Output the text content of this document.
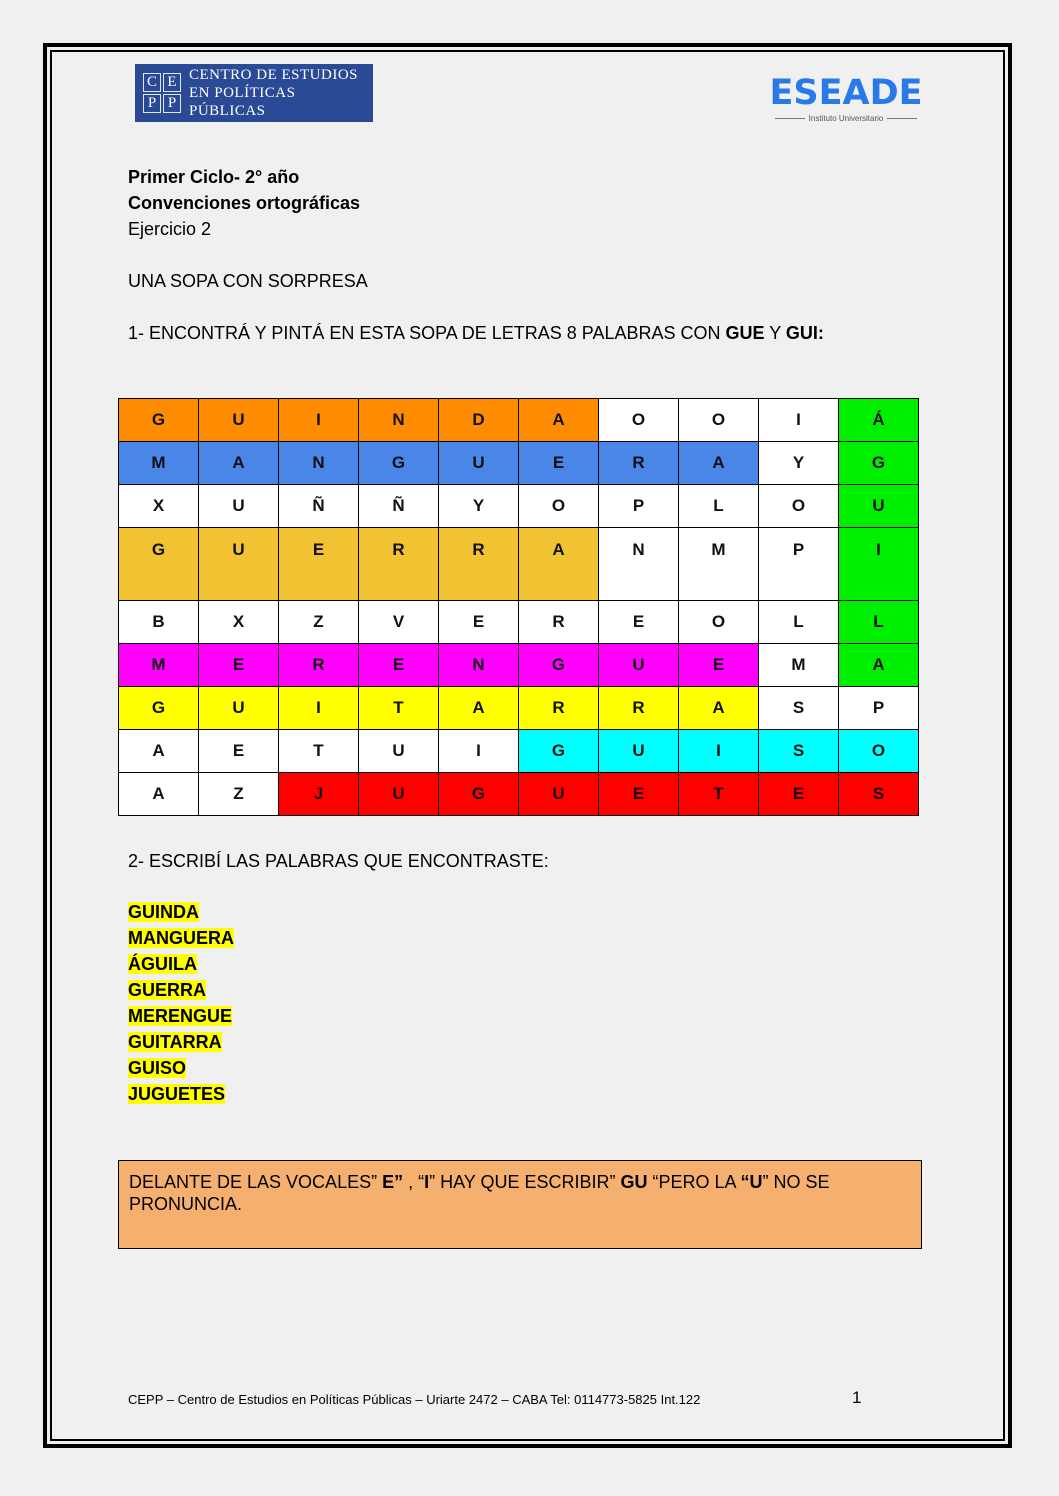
C E
P P
CENTRO DE ESTUDIOS
EN POLÍTICAS PÚBLICAS	ESEADE
Instituto Universitario
Primer Ciclo- 2° año
Convenciones ortográficas
Ejercicio 2
UNA SOPA CON SORPRESA
1- ENCONTRÁ Y PINTÁ EN ESTA SOPA DE LETRAS 8 PALABRAS CON GUE Y GUI:
G	U	I	N	D	A	O	O	I	Á
M	A	N	G	U	E	R	A	Y	G
X	U	Ñ	Ñ	Y	O	P	L	O	U
G	U	E	R	R	A	N	M	P	I
B	X	Z	V	E	R	E	O	L	L
M	E	R	E	N	G	U	E	M	A
G	U	I	T	A	R	R	A	S	P
A	E	T	U	I	G	U	I	S	O
A	Z	J	U	G	U	E	T	E	S
2- ESCRIBÍ LAS PALABRAS QUE ENCONTRASTE:
GUINDA
MANGUERA
ÁGUILA
GUERRA
MERENGUE
GUITARRA
GUISO
JUGUETES
DELANTE DE LAS VOCALES” E” , “I” HAY QUE ESCRIBIR” GU “PERO LA “U” NO SE PRONUNCIA.
CEPP – Centro de Estudios en Políticas Públicas – Uriarte 2472 – CABA Tel: 0114773-5825 Int.122	1
